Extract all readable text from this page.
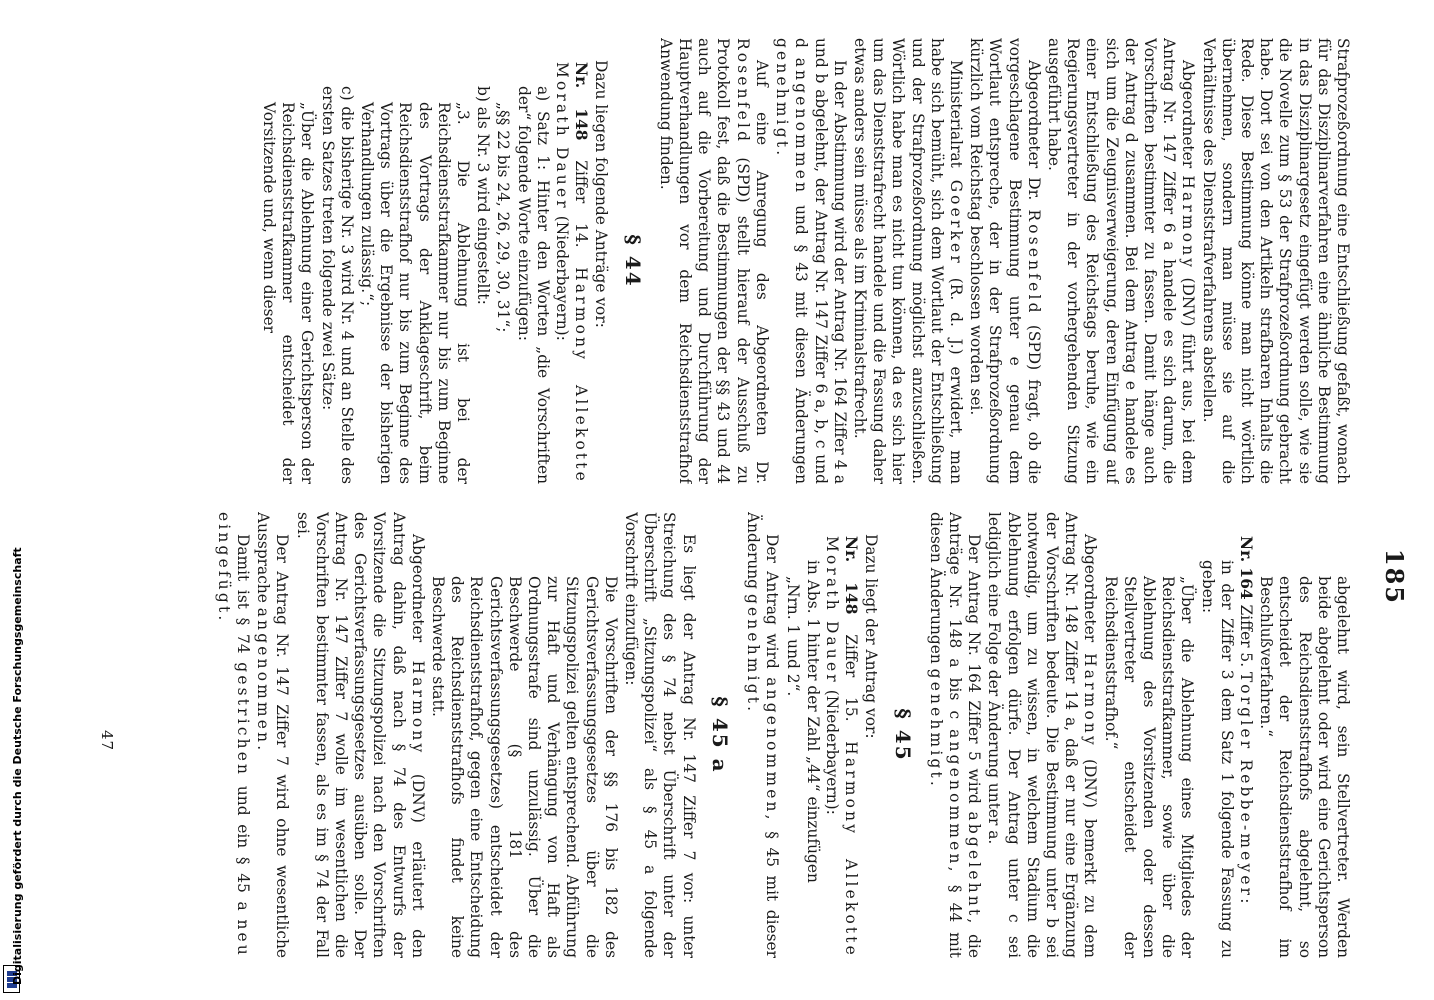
185

Strafprozeßordnung eine Entschließung gefaßt, wonach für das Disziplinarverfahren eine ähnliche Bestimmung in das Disziplinargesetz eingefügt werden solle, wie sie die Novelle zum § 53 der Strafprozeßordnung gebracht habe. Dort sei von den Artikeln strafbaren Inhalts die Rede. Diese Bestimmung könne man nicht wörtlich übernehmen, sondern man müsse sie auf die Verhältnisse des Dienststrafverfahrens abstellen.

Abgeordneter Harmony (DNV) führt aus, bei dem Antrag Nr. 147 Ziffer 6 a handele es sich darum, die Vorschriften bestimmter zu fassen. Damit hänge auch der Antrag d zusammen. Bei dem Antrag e handele es sich um die Zeugnisverweigerung, deren Einfügung auf einer Entschließung des Reichstags beruhe, wie ein Regierungsvertreter in der vorhergehenden Sitzung ausgeführt habe.

Abgeordneter Dr. Rosenfeld (SPD) fragt, ob die vorgeschlagene Bestimmung unter e genau dem Wortlaut entspreche, der in der Strafprozeßordnung kürzlich vom Reichstag beschlossen worden sei.

Ministerialrat Goerker (R. d. J.) erwidert, man habe sich bemüht, sich dem Wortlaut der Entschließung und der Strafprozeßordnung möglichst anzuschließen. Wörtlich habe man es nicht tun können, da es sich hier um das Dienststrafrecht handele und die Fassung daher etwas anders sein müsse als im Kriminalstrafrecht.

In der Abstimmung wird der Antrag Nr. 164 Ziffer 4 a und b abgelehnt, der Antrag Nr. 147 Ziffer 6 a, b, c und d angenommen und § 43 mit diesen Änderungen genehmigt.

Auf eine Anregung des Abgeordneten Dr. Rosenfeld (SPD) stellt hierauf der Ausschuß zu Protokoll fest, daß die Bestimmungen der §§ 43 und 44 auch auf die Vorbereitung und Durchführung der Hauptverhandlungen vor dem Reichsdienststrafhof Anwendung finden.

§ 44

Dazu liegen folgende Anträge vor:

Nr. 148 Ziffer 14. Harmony Allekotte Morath Dauer (Niederbayern):

a) Satz 1: Hinter den Worten „die Vorschriften der“ folgende Worte einzufügen:

„§§ 22 bis 24, 26, 29, 30, 31“;

b) als Nr. 3 wird eingestellt:

„3. Die Ablehnung ist bei der Reichsdienststrafkammer nur bis zum Beginne des Vortrags der Anklageschrift, beim Reichsdienststrafhof nur bis zum Beginne des Vortrags über die Ergebnisse der bisherigen Verhandlungen zulässig.“;

c) die bisherige Nr. 3 wird Nr. 4 und an Stelle des ersten Satzes treten folgende zwei Sätze:

„Über die Ablehnung einer Gerichtsperson der Reichsdienststrafkammer entscheidet der Vorsitzende und, wenn dieser

abgelehnt wird, sein Stellvertreter. Werden beide abgelehnt oder wird eine Gerichtsperson des Reichsdienststrafhofs abgelehnt, so entscheidet der Reichsdienststrafhof im Beschlußverfahren.“

Nr. 164 Ziffer 5. Torgler Rebbe-meyer:

in der Ziffer 3 dem Satz 1 folgende Fassung zu geben:

„Über die Ablehnung eines Mitgliedes der Reichsdienststrafkammer, sowie über die Ablehnung des Vorsitzenden oder dessen Stellvertreter entscheidet der Reichsdienststrafhof.“

Abgeordneter Harmony (DNV) bemerkt zu dem Antrag Nr. 148 Ziffer 14 a, daß er nur eine Ergänzung der Vorschriften bedeute. Die Bestimmung unter b sei notwendig, um zu wissen, in welchem Stadium die Ablehnung erfolgen dürfe. Der Antrag unter c sei lediglich eine Folge der Änderung unter a.

Der Antrag Nr. 164 Ziffer 5 wird abgelehnt, die Anträge Nr. 148 a bis c angenommen, § 44 mit diesen Änderungen genehmigt.

§ 45

Dazu liegt der Antrag vor:

Nr. 148 Ziffer 15. Harmony Allekotte Morath Dauer (Niederbayern):

in Abs. 1 hinter der Zahl „44“ einzufügen

„Nrn. 1 und 2“.

Der Antrag wird angenommen, § 45 mit dieser Änderung genehmigt.

§ 45 a

Es liegt der Antrag Nr. 147 Ziffer 7 vor: unter Streichung des § 74 nebst Überschrift unter der Überschrift „Sitzungspolizei“ als § 45 a folgende Vorschrift einzufügen:

Die Vorschriften der §§ 176 bis 182 des Gerichtsverfassungsgesetzes über die Sitzungspolizei gelten entsprechend. Abführung zur Haft und Verhängung von Haft als Ordnungsstrafe sind unzulässig. Über die Beschwerde (§ 181 des Gerichtsverfassungsgesetzes) entscheidet der Reichsdienststrafhof, gegen eine Entscheidung des Reichsdienststrafhofs findet keine Beschwerde statt.

Abgeordneter Harmony (DNV) erläutert den Antrag dahin, daß nach § 74 des Entwurfs der Vorsitzende die Sitzungspolizei nach den Vorschriften des Gerichtsverfassungsgesetzes ausüben solle. Der Antrag Nr. 147 Ziffer 7 wolle im wesentlichen die Vorschriften bestimmter fassen, als es im § 74 der Fall sei.

Der Antrag Nr. 147 Ziffer 7 wird ohne wesentliche Aussprache angenommen.

Damit ist § 74 gestrichen und ein § 45 a neu eingefügt.

47
Digitalisierung gefördert durch die Deutsche Forschungsgemeinschaft
